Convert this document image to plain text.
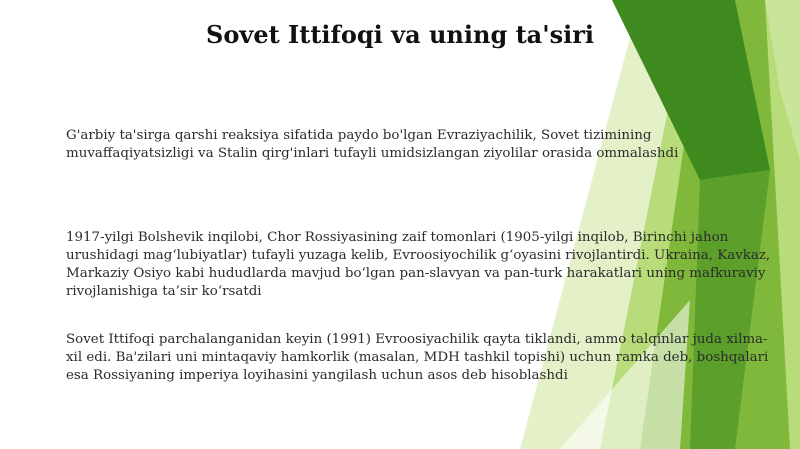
Sovet Ittifoqi va uning ta'siri

G'arbiy ta'sirga qarshi reaksiya sifatida paydo bo'lgan Evraziyachilik, Sovet tizimining muvaffaqiyatsizligi va Stalin qirg'inlari tufayli umidsizlangan ziyolilar orasida ommalashdi

1917-yilgi Bolshevik inqilobi, Chor Rossiyasining zaif tomonlari (1905-yilgi inqilob, Birinchi jahon urushidagi mag‘lubiyatlar) tufayli yuzaga kelib, Evroosiyochilik g‘oyasini rivojlantirdi. Ukraina, Kavkaz, Markaziy Osiyo kabi hududlarda mavjud bo‘lgan pan-slavyan va pan-turk harakatlari uning mafkuraviy rivojlanishiga ta’sir ko‘rsatdi

Sovet Ittifoqi parchalanganidan keyin (1991) Evroosiyachilik qayta tiklandi, ammo talqinlar juda xilma-xil edi. Ba'zilari uni mintaqaviy hamkorlik (masalan, MDH tashkil topishi) uchun ramka deb, boshqalari esa Rossiyaning imperiya loyihasini yangilash uchun asos deb hisoblashdi
